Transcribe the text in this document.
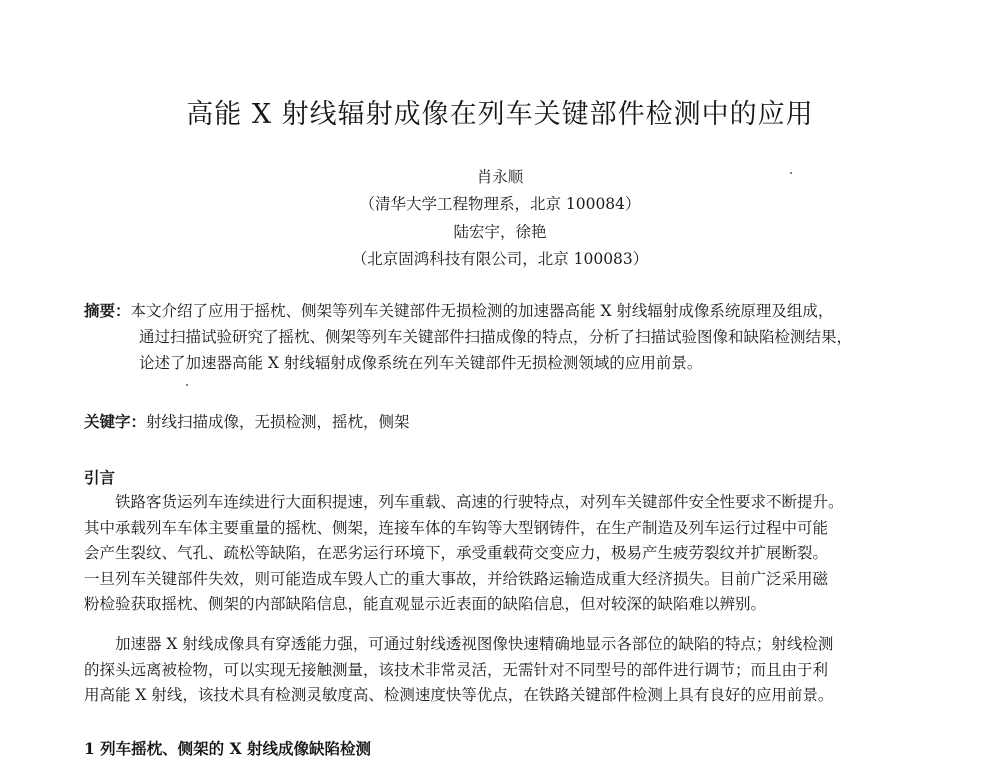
高能 X 射线辐射成像在列车关键部件检测中的应用
肖永顺
（清华大学工程物理系，北京 100084）
陆宏宇，徐艳
（北京固鸿科技有限公司，北京 100083）
摘要：本文介绍了应用于摇枕、侧架等列车关键部件无损检测的加速器高能 X 射线辐射成像系统原理及组成，
通过扫描试验研究了摇枕、侧架等列车关键部件扫描成像的特点，分析了扫描试验图像和缺陷检测结果，
论述了加速器高能 X 射线辐射成像系统在列车关键部件无损检测领域的应用前景。
关键字：射线扫描成像，无损检测，摇枕，侧架
引言
铁路客货运列车连续进行大面积提速，列车重载、高速的行驶特点，对列车关键部件安全性要求不断提升。
其中承载列车车体主要重量的摇枕、侧架，连接车体的车钩等大型钢铸件，在生产制造及列车运行过程中可能
会产生裂纹、气孔、疏松等缺陷，在恶劣运行环境下，承受重载荷交变应力，极易产生疲劳裂纹并扩展断裂。
一旦列车关键部件失效，则可能造成车毁人亡的重大事故，并给铁路运输造成重大经济损失。目前广泛采用磁
粉检验获取摇枕、侧架的内部缺陷信息，能直观显示近表面的缺陷信息，但对较深的缺陷难以辨别。
加速器 X 射线成像具有穿透能力强，可通过射线透视图像快速精确地显示各部位的缺陷的特点；射线检测
的探头远离被检物，可以实现无接触测量，该技术非常灵活，无需针对不同型号的部件进行调节；而且由于利
用高能 X 射线，该技术具有检测灵敏度高、检测速度快等优点，在铁路关键部件检测上具有良好的应用前景。
1 列车摇枕、侧架的 X 射线成像缺陷检测
